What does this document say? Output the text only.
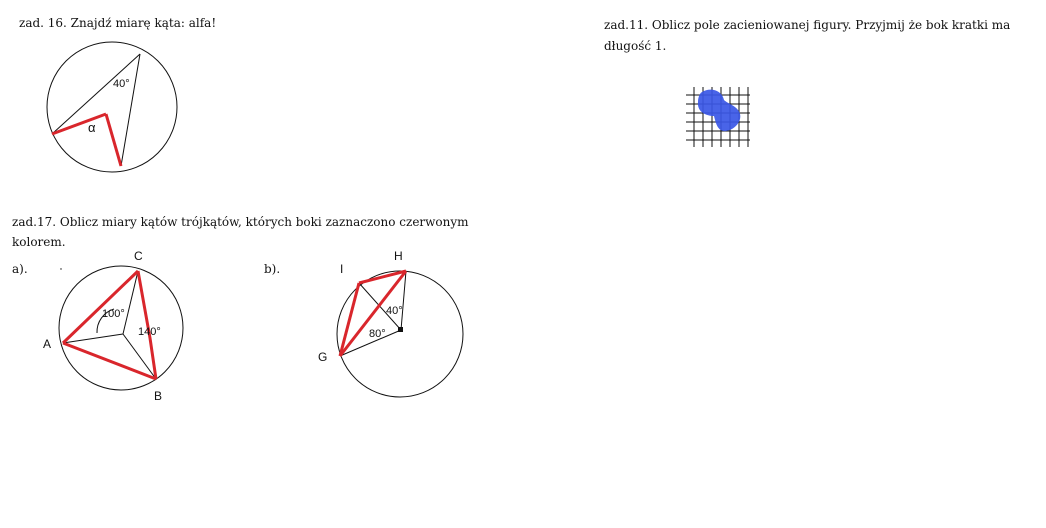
zad. 16. Znajdź miarę kąta: alfa!
40°
α
zad.11. Oblicz pole zacieniowanej figury. Przyjmij że bok kratki ma
długość 1.
zad.17. Oblicz miary kątów trójkątów, których boki zaznaczono czerwonym
kolorem.
a).	b).
100°
140°
A
B
C
40°
80°
H
I
G
